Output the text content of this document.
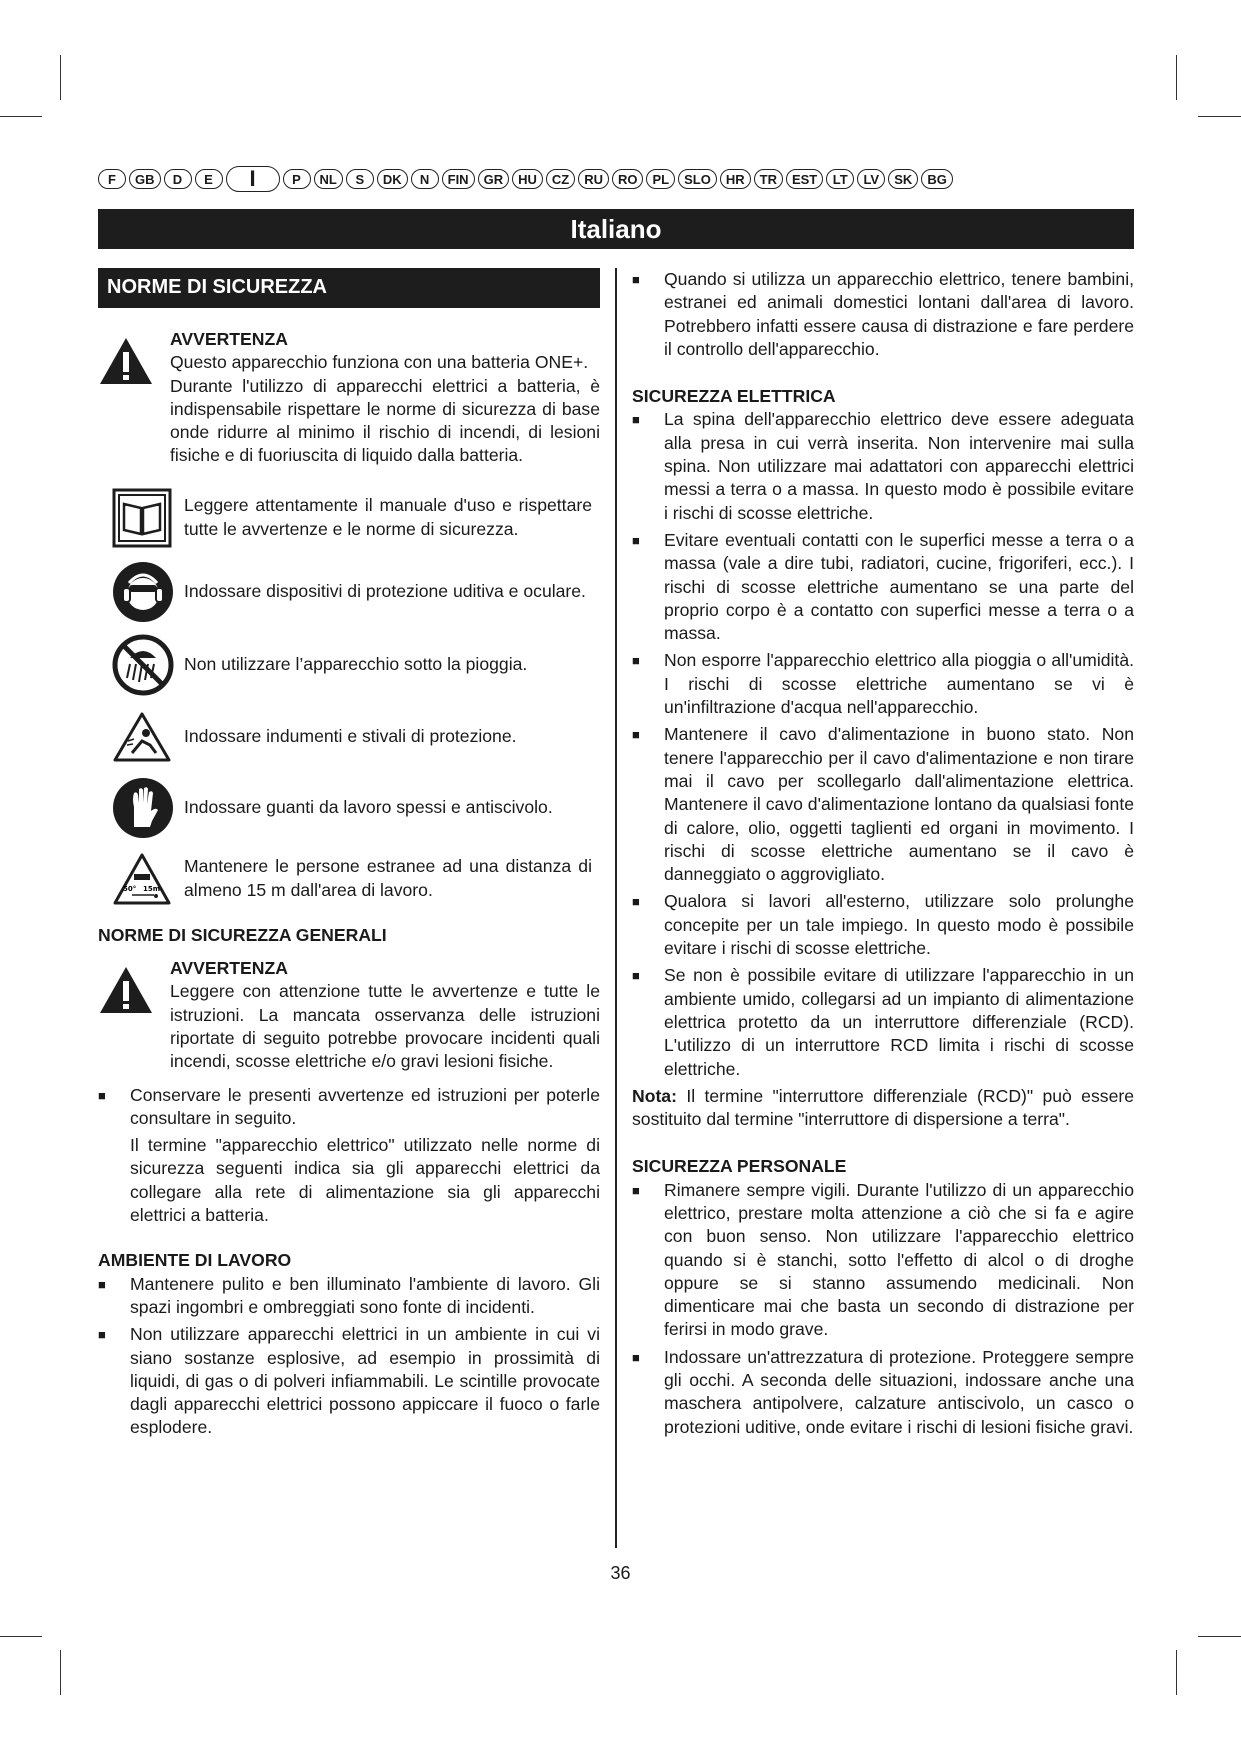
F	GB	D	E	I	P	NL	S	DK	N	FIN	GR	HU	CZ	RU	RO	PL	SLO	HR	TR	EST	LT	LV	SK	BG
Italiano
NORME DI SICUREZZA
AVVERTENZA
Questo apparecchio funziona con una batteria ONE+.
Durante l'utilizzo di apparecchi elettrici a batteria, è indispensabile rispettare le norme di sicurezza di base onde ridurre al minimo il rischio di incendi, di lesioni fisiche e di fuoriuscita di liquido dalla batteria.
Leggere attentamente il manuale d'uso e rispettare tutte le avvertenze e le norme di sicurezza.
Indossare dispositivi di protezione uditiva e oculare.
Non utilizzare l’apparecchio sotto la pioggia.
Indossare indumenti e stivali di protezione.
Indossare guanti da lavoro spessi e antiscivolo.
50° 15m
Mantenere le persone estranee ad una distanza di almeno 15 m dall'area di lavoro.
NORME DI SICUREZZA GENERALI
AVVERTENZA
Leggere con attenzione tutte le avvertenze e tutte le istruzioni. La mancata osservanza delle istruzioni riportate di seguito potrebbe provocare incidenti quali incendi, scosse elettriche e/o gravi lesioni fisiche.
■ Conservare le presenti avvertenze ed istruzioni per poterle consultare in seguito.

Il termine "apparecchio elettrico" utilizzato nelle norme di sicurezza seguenti indica sia gli apparecchi elettrici da collegare alla rete di alimentazione sia gli apparecchi elettrici a batteria.

AMBIENTE DI LAVORO
■ Mantenere pulito e ben illuminato l'ambiente di lavoro. Gli spazi ingombri e ombreggiati sono fonte di incidenti.
■ Non utilizzare apparecchi elettrici in un ambiente in cui vi siano sostanze esplosive, ad esempio in prossimità di liquidi, di gas o di polveri infiammabili. Le scintille provocate dagli apparecchi elettrici possono appiccare il fuoco o farle esplodere.
■ Quando si utilizza un apparecchio elettrico, tenere bambini, estranei ed animali domestici lontani dall'area di lavoro. Potrebbero infatti essere causa di distrazione e fare perdere il controllo dell'apparecchio.
SICUREZZA ELETTRICA
■ La spina dell'apparecchio elettrico deve essere adeguata alla presa in cui verrà inserita. Non intervenire mai sulla spina. Non utilizzare mai adattatori con apparecchi elettrici messi a terra o a massa. In questo modo è possibile evitare i rischi di scosse elettriche.
■ Evitare eventuali contatti con le superfici messe a terra o a massa (vale a dire tubi, radiatori, cucine, frigoriferi, ecc.). I rischi di scosse elettriche aumentano se una parte del proprio corpo è a contatto con superfici messe a terra o a massa.
■ Non esporre l'apparecchio elettrico alla pioggia o all'umidità. I rischi di scosse elettriche aumentano se vi è un'infiltrazione d'acqua nell'apparecchio.
■ Mantenere il cavo d'alimentazione in buono stato. Non tenere l'apparecchio per il cavo d'alimentazione e non tirare mai il cavo per scollegarlo dall'alimentazione elettrica. Mantenere il cavo d'alimentazione lontano da qualsiasi fonte di calore, olio, oggetti taglienti ed organi in movimento. I rischi di scosse elettriche aumentano se il cavo è danneggiato o aggrovigliato.
■ Qualora si lavori all'esterno, utilizzare solo prolunghe concepite per un tale impiego. In questo modo è possibile evitare i rischi di scosse elettriche.
■ Se non è possibile evitare di utilizzare l'apparecchio in un ambiente umido, collegarsi ad un impianto di alimentazione elettrica protetto da un interruttore differenziale (RCD). L'utilizzo di un interruttore RCD limita i rischi di scosse elettriche.

Nota: Il termine "interruttore differenziale (RCD)" può essere sostituito dal termine "interruttore di dispersione a terra".

SICUREZZA PERSONALE
■ Rimanere sempre vigili. Durante l'utilizzo di un apparecchio elettrico, prestare molta attenzione a ciò che si fa e agire con buon senso. Non utilizzare l'apparecchio elettrico quando si è stanchi, sotto l'effetto di alcol o di droghe oppure se si stanno assumendo medicinali. Non dimenticare mai che basta un secondo di distrazione per ferirsi in modo grave.
■ Indossare un'attrezzatura di protezione. Proteggere sempre gli occhi. A seconda delle situazioni, indossare anche una maschera antipolvere, calzature antiscivolo, un casco o protezioni uditive, onde evitare i rischi di lesioni fisiche gravi.
36
